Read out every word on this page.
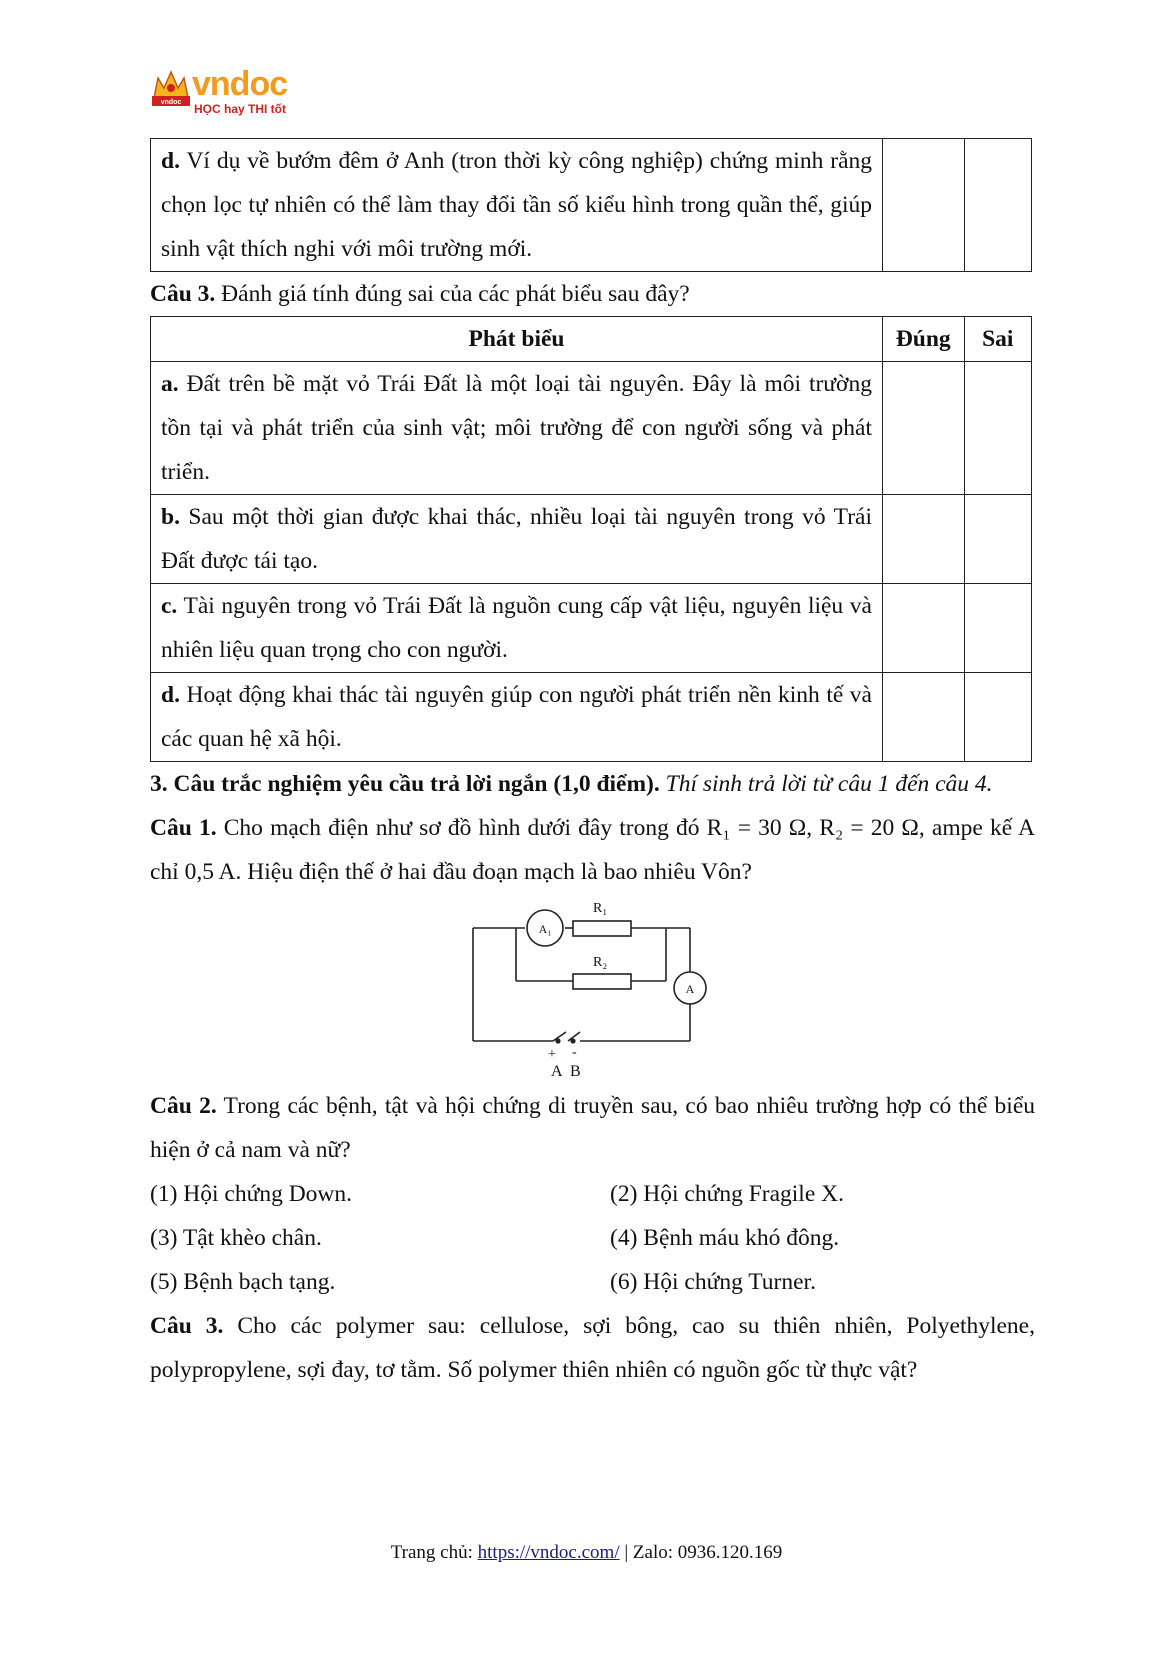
vndoc vndoc
HỌC hay THI tốt
d. Ví dụ về bướm đêm ở Anh (tron thời kỳ công nghiệp) chứng minh rằng chọn lọc tự nhiên có thể làm thay đổi tần số kiểu hình trong quần thể, giúp sinh vật thích nghi với môi trường mới.		

Câu 3. Đánh giá tính đúng sai của các phát biểu sau đây?

Phát biểu	Đúng	Sai
a. Đất trên bề mặt vỏ Trái Đất là một loại tài nguyên. Đây là môi trường tồn tại và phát triển của sinh vật; môi trường để con người sống và phát triển.		
b. Sau một thời gian được khai thác, nhiều loại tài nguyên trong vỏ Trái Đất được tái tạo.		
c. Tài nguyên trong vỏ Trái Đất là nguồn cung cấp vật liệu, nguyên liệu và nhiên liệu quan trọng cho con người.		
d. Hoạt động khai thác tài nguyên giúp con người phát triển nền kinh tế và các quan hệ xã hội.		

3. Câu trắc nghiệm yêu cầu trả lời ngắn (1,0 điểm). Thí sinh trả lời từ câu 1 đến câu 4.

Câu 1. Cho mạch điện như sơ đồ hình dưới đây trong đó R₁ = 30 Ω, R₂ = 20 Ω, ampe kế A chỉ 0,5 A. Hiệu điện thế ở hai đầu đoạn mạch là bao nhiêu Vôn?

R₁
R₂
A₁
A
+ -
A B

Câu 2. Trong các bệnh, tật và hội chứng di truyền sau, có bao nhiêu trường hợp có thể biểu hiện ở cả nam và nữ?

(1) Hội chứng Down.	(2) Hội chứng Fragile X.
(3) Tật khèo chân.	(4) Bệnh máu khó đông.
(5) Bệnh bạch tạng.	(6) Hội chứng Turner.

Câu 3. Cho các polymer sau: cellulose, sợi bông, cao su thiên nhiên, Polyethylene, polypropylene, sợi đay, tơ tằm. Số polymer thiên nhiên có nguồn gốc từ thực vật?

Trang chủ: https://vndoc.com/ | Zalo: 0936.120.169
